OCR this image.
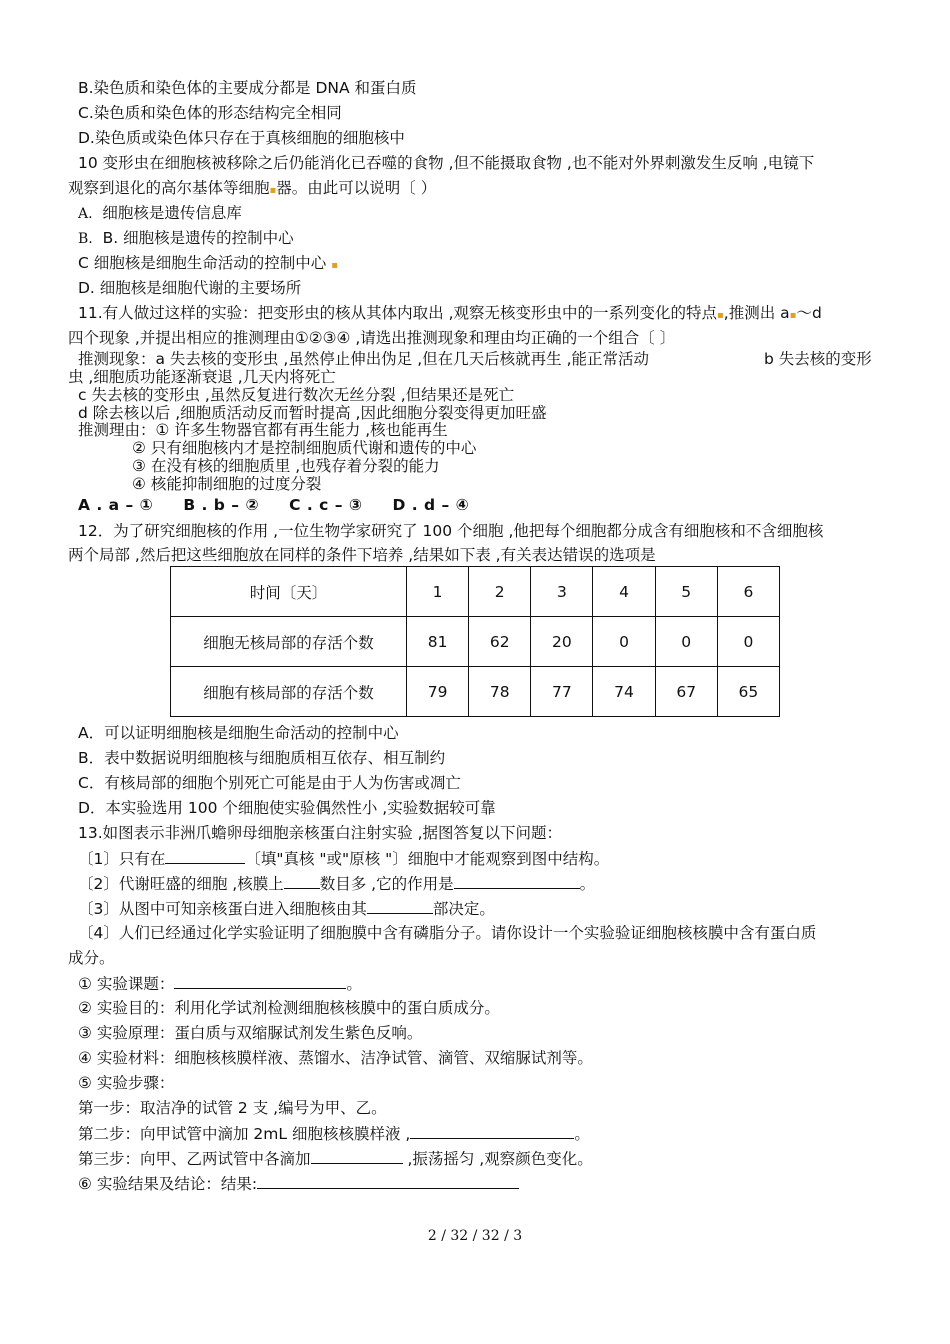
B.染色质和染色体的主要成分都是 DNA 和蛋白质
C.染色质和染色体的形态结构完全相同
D.染色质或染色体只存在于真核细胞的细胞核中
10 变形虫在细胞核被移除之后仍能消化已吞噬的食物 ,但不能摄取食物 ,也不能对外界刺激发生反响 ,电镜下
观察到退化的高尔基体等细胞▪器。由此可以说明〔 ）
A. 细胞核是遗传信息库
B. B. 细胞核是遗传的控制中心
C 细胞核是细胞生命活动的控制中心 ▪
D. 细胞核是细胞代谢的主要场所
11.有人做过这样的实验：把变形虫的核从其体内取出 ,观察无核变形虫中的一系列变化的特点▪,推测出 a▪～d
四个现象 ,并提出相应的推测理由①②③④ ,请选出推测现象和理由均正确的一个组合〔 〕
推测现象：a 失去核的变形虫 ,虽然停止伸出伪足 ,但在几天后核就再生 ,能正常活动	b 失去核的变形
虫 ,细胞质功能逐渐衰退 ,几天内将死亡
c 失去核的变形虫 ,虽然反复进行数次无丝分裂 ,但结果还是死亡
d 除去核以后 ,细胞质活动反而暂时提高 ,因此细胞分裂变得更加旺盛
推测理由：① 许多生物器官都有再生能力 ,核也能再生
② 只有细胞核内才是控制细胞质代谢和遗传的中心
③ 在没有核的细胞质里 ,也残存着分裂的能力
④ 核能抑制细胞的过度分裂
A . a – ① B . b – ② C . c – ③ D . d – ④
12．为了研究细胞核的作用 ,一位生物学家研究了 100 个细胞 ,他把每个细胞都分成含有细胞核和不含细胞核
两个局部 ,然后把这些细胞放在同样的条件下培养 ,结果如下表 ,有关表达错误的选项是
时间〔天〕	1	2	3	4	5	6
细胞无核局部的存活个数	81	62	20	0	0	0
细胞有核局部的存活个数	79	78	77	74	67	65
A．可以证明细胞核是细胞生命活动的控制中心
B．表中数据说明细胞核与细胞质相互依存、相互制约
C．有核局部的细胞个别死亡可能是由于人为伤害或凋亡
D．本实验选用 100 个细胞使实验偶然性小 ,实验数据较可靠
13.如图表示非洲爪蟾卵母细胞亲核蛋白注射实验 ,据图答复以下问题：
〔1〕只有在	〔填"真核 "或"原核 "〕细胞中才能观察到图中结构。
〔2〕代谢旺盛的细胞 ,核膜上 数目多 ,它的作用是	。
〔3〕从图中可知亲核蛋白进入细胞核由其	部决定。
〔4〕人们已经通过化学实验证明了细胞膜中含有磷脂分子。请你设计一个实验验证细胞核核膜中含有蛋白质
成分。
① 实验课题：	。
② 实验目的：利用化学试剂检测细胞核核膜中的蛋白质成分。
③ 实验原理：蛋白质与双缩脲试剂发生紫色反响。
④ 实验材料：细胞核核膜样液、蒸馏水、洁净试管、滴管、双缩脲试剂等。
⑤ 实验步骤：
第一步：取洁净的试管 2 支 ,编号为甲、乙。
第二步：向甲试管中滴加 2mL 细胞核核膜样液 ,	。
第三步：向甲、乙两试管中各滴加	,振荡摇匀 ,观察颜色变化。
⑥ 实验结果及结论：结果:
2 / 32 / 32 / 3
